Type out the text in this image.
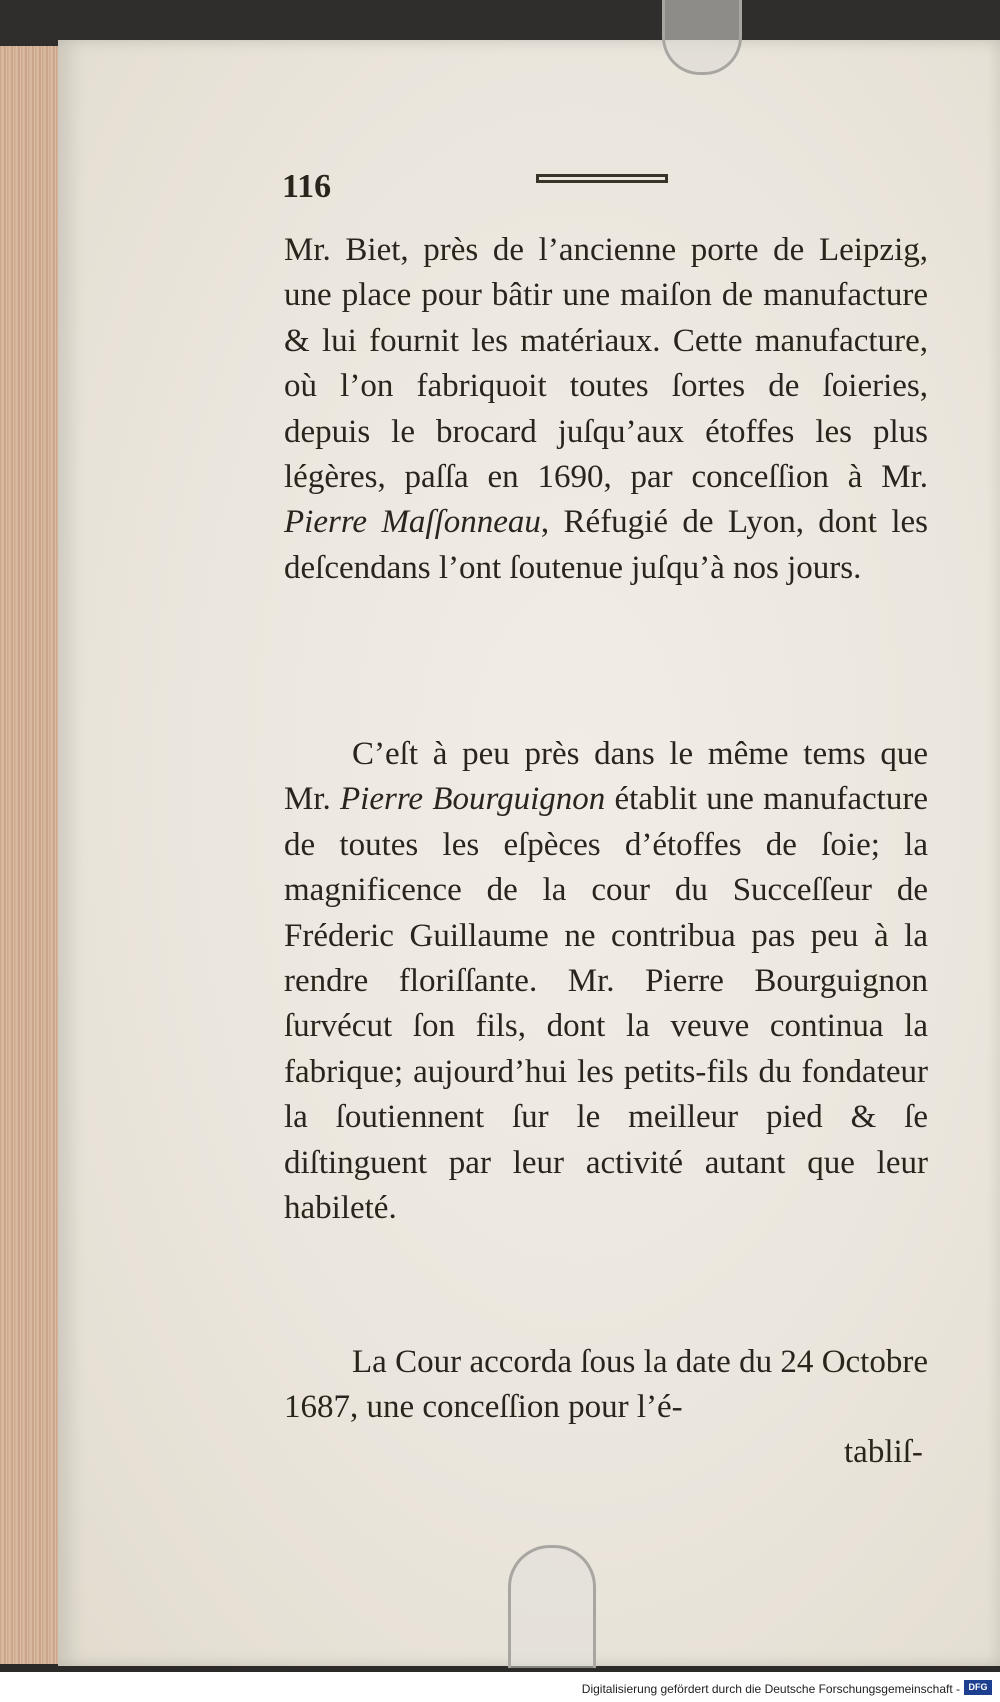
116
Mr. Biet, près de l’ancienne porte de Leipzig, une place pour bâtir une maiſon de manufacture & lui fournit les matériaux. Cette manufacture, où l’on fabriquoit toutes ſortes de ſoieries, depuis le brocard juſqu’aux étoffes les plus légères, paſſa en 1690, par conceſſion à Mr. Pierre Maſſonneau, Réfugié de Lyon, dont les deſcendans l’ont ſoutenue juſqu’à nos jours.
C’eſt à peu près dans le même tems que Mr. Pierre Bourguignon établit une manufacture de toutes les eſpèces d’étoffes de ſoie; la magnificence de la cour du Succeſſeur de Fréderic Guillaume ne contribua pas peu à la rendre floriſſante. Mr. Pierre Bourguignon ſurvécut ſon fils, dont la veuve continua la fabrique; aujourd’hui les petits-fils du fondateur la ſoutiennent ſur le meilleur pied & ſe diſtinguent par leur activité autant que leur habileté.
La Cour accorda ſous la date du 24 Octobre 1687, une conceſſion pour l’é-
tabliſ-
Digitalisierung gefördert durch die Deutsche Forschungsgemeinschaft - DFG
